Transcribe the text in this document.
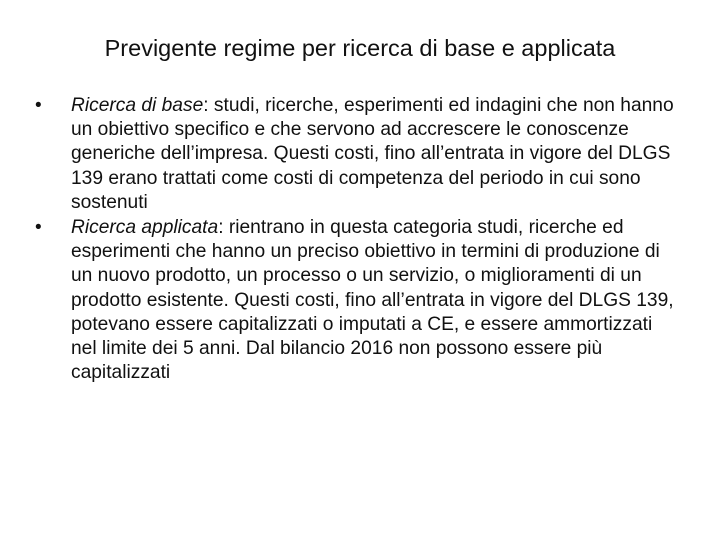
Previgente regime per ricerca di base e applicata
•	Ricerca di base: studi, ricerche, esperimenti ed indagini che non hanno un obiettivo specifico e che servono ad accrescere le conoscenze generiche dell’impresa. Questi costi, fino all’entrata in vigore del DLGS 139 erano trattati come costi di competenza del periodo in cui sono sostenuti
•	Ricerca applicata: rientrano in questa categoria studi, ricerche ed esperimenti che hanno un preciso obiettivo in termini di produzione di un nuovo prodotto, un processo o un servizio, o miglioramenti di un prodotto esistente. Questi costi, fino all’entrata in vigore del DLGS 139, potevano essere capitalizzati o imputati a CE, e essere ammortizzati nel limite dei 5 anni. Dal bilancio 2016 non possono essere più capitalizzati
